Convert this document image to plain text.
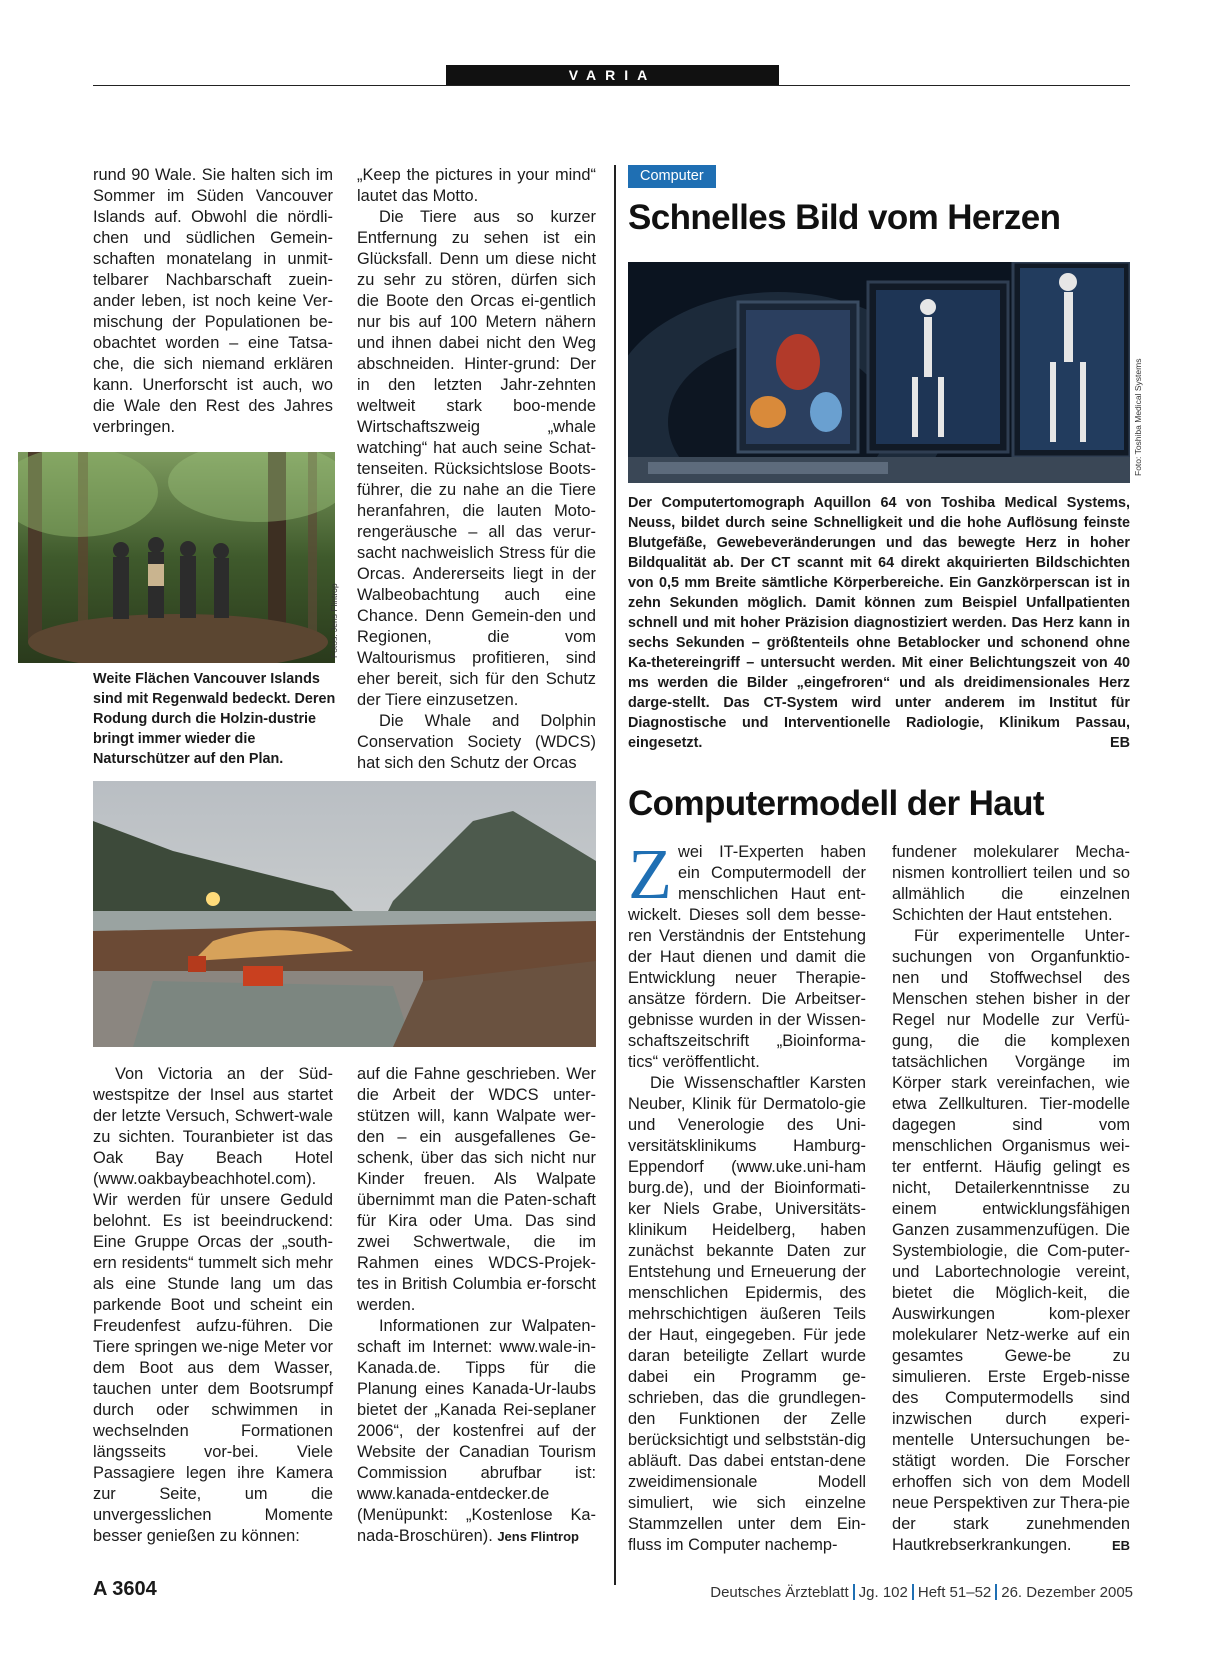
VARIA

rund 90 Wale. Sie halten sich im Sommer im Süden Vancouver Islands auf. Obwohl die nördli-chen und südlichen Gemein-schaften monatelang in unmit-telbarer Nachbarschaft zuein-ander leben, ist noch keine Ver-mischung der Populationen be-obachtet worden – eine Tatsa-che, die sich niemand erklären kann. Unerforscht ist auch, wo die Wale den Rest des Jahres verbringen.

Fotos: Jens Flintrop
Weite Flächen Vancouver Islands sind mit Regenwald bedeckt. Deren Rodung durch die Holzin-dustrie bringt immer wieder die Naturschützer auf den Plan.

„Keep the pictures in your mind“ lautet das Motto.

Die Tiere aus so kurzer Entfernung zu sehen ist ein Glücksfall. Denn um diese nicht zu sehr zu stören, dürfen sich die Boote den Orcas ei-gentlich nur bis auf 100 Metern nähern und ihnen dabei nicht den Weg abschneiden. Hinter-grund: Der in den letzten Jahr-zehnten weltweit stark boo-mende Wirtschaftszweig „whale watching“ hat auch seine Schat-tenseiten. Rücksichtslose Boots-führer, die zu nahe an die Tiere heranfahren, die lauten Moto-rengeräusche – all das verur-sacht nachweislich Stress für die Orcas. Andererseits liegt in der Walbeobachtung auch eine Chance. Denn Gemein-den und Regionen, die vom Waltourismus profitieren, sind eher bereit, sich für den Schutz der Tiere einzusetzen.

Die Whale and Dolphin Conservation Society (WDCS) hat sich den Schutz der Orcas

Von Victoria an der Süd-westspitze der Insel aus startet der letzte Versuch, Schwert-wale zu sichten. Touranbieter ist das Oak Bay Beach Hotel (www.oakbaybeachhotel.com). Wir werden für unsere Geduld belohnt. Es ist beeindruckend: Eine Gruppe Orcas der „south-ern residents“ tummelt sich mehr als eine Stunde lang um das parkende Boot und scheint ein Freudenfest aufzu-führen. Die Tiere springen we-nige Meter vor dem Boot aus dem Wasser, tauchen unter dem Bootsrumpf durch oder schwimmen in wechselnden Formationen längsseits vor-bei. Viele Passagiere legen ihre Kamera zur Seite, um die unvergesslichen Momente besser genießen zu können:

auf die Fahne geschrieben. Wer die Arbeit der WDCS unter-stützen will, kann Walpate wer-den – ein ausgefallenes Ge-schenk, über das sich nicht nur Kinder freuen. Als Walpate übernimmt man die Paten-schaft für Kira oder Uma. Das sind zwei Schwertwale, die im Rahmen eines WDCS-Projek-tes in British Columbia er-forscht werden.

Informationen zur Walpaten-schaft im Internet: www.wale-in-Kanada.de. Tipps für die Planung eines Kanada-Ur-laubs bietet der „Kanada Rei-seplaner 2006“, der kostenfrei auf der Website der Canadian Tourism Commission abrufbar ist: www.kanada-entdecker.de (Menüpunkt: „Kostenlose Ka-nada-Broschüren). Jens Flintrop

Computer
Schnelles Bild vom Herzen
Foto: Toshiba Medical Systems
Der Computertomograph Aquillon 64 von Toshiba Medical Systems, Neuss, bildet durch seine Schnelligkeit und die hohe Auflösung feinste Blutgefäße, Gewebeveränderungen und das bewegte Herz in hoher Bildqualität ab. Der CT scannt mit 64 direkt akquirierten Bildschichten von 0,5 mm Breite sämtliche Körperbereiche. Ein Ganzkörperscan ist in zehn Sekunden möglich. Damit können zum Beispiel Unfallpatienten schnell und mit hoher Präzision diagnostiziert werden. Das Herz kann in sechs Sekunden – größtenteils ohne Betablocker und schonend ohne Ka-thetereingriff – untersucht werden. Mit einer Belichtungszeit von 40 ms werden die Bilder „eingefroren“ und als dreidimensionales Herz darge-stellt. Das CT-System wird unter anderem im Institut für Diagnostische und Interventionelle Radiologie, Klinikum Passau, eingesetzt.	EB
Computermodell der Haut

Zwei IT-Experten haben ein Computermodell der menschlichen Haut ent-wickelt. Dieses soll dem besse-ren Verständnis der Entstehung der Haut dienen und damit die Entwicklung neuer Therapie-ansätze fördern. Die Arbeitser-gebnisse wurden in der Wissen-schaftszeitschrift „Bioinforma-tics“ veröffentlicht.

Die Wissenschaftler Karsten Neuber, Klinik für Dermatolo-gie und Venerologie des Uni-versitätsklinikums Hamburg-Eppendorf (www.uke.uni-ham burg.de), und der Bioinformati-ker Niels Grabe, Universitäts-klinikum Heidelberg, haben zunächst bekannte Daten zur Entstehung und Erneuerung der menschlichen Epidermis, des mehrschichtigen äußeren Teils der Haut, eingegeben. Für jede daran beteiligte Zellart wurde dabei ein Programm ge-schrieben, das die grundlegen-den Funktionen der Zelle berücksichtigt und selbststän-dig abläuft. Das dabei entstan-dene zweidimensionale Modell simuliert, wie sich einzelne Stammzellen unter dem Ein-fluss im Computer nachemp-

fundener molekularer Mecha-nismen kontrolliert teilen und so allmählich die einzelnen Schichten der Haut entstehen.

Für experimentelle Unter-suchungen von Organfunktio-nen und Stoffwechsel des Menschen stehen bisher in der Regel nur Modelle zur Verfü-gung, die die komplexen tatsächlichen Vorgänge im Körper stark vereinfachen, wie etwa Zellkulturen. Tier-modelle dagegen sind vom menschlichen Organismus wei-ter entfernt. Häufig gelingt es nicht, Detailerkenntnisse zu einem entwicklungsfähigen Ganzen zusammenzufügen. Die Systembiologie, die Com-puter- und Labortechnologie vereint, bietet die Möglich-keit, die Auswirkungen kom-plexer molekularer Netz-werke auf ein gesamtes Gewe-be zu simulieren. Erste Ergeb-nisse des Computermodells sind inzwischen durch experi-mentelle Untersuchungen be-stätigt worden. Die Forscher erhoffen sich von dem Modell neue Perspektiven zur Thera-pie der stark zunehmenden Hautkrebserkrankungen.	EB

A 3604	Deutsches Ärzteblatt Jg. 102 Heft 51–52 26. Dezember 2005
